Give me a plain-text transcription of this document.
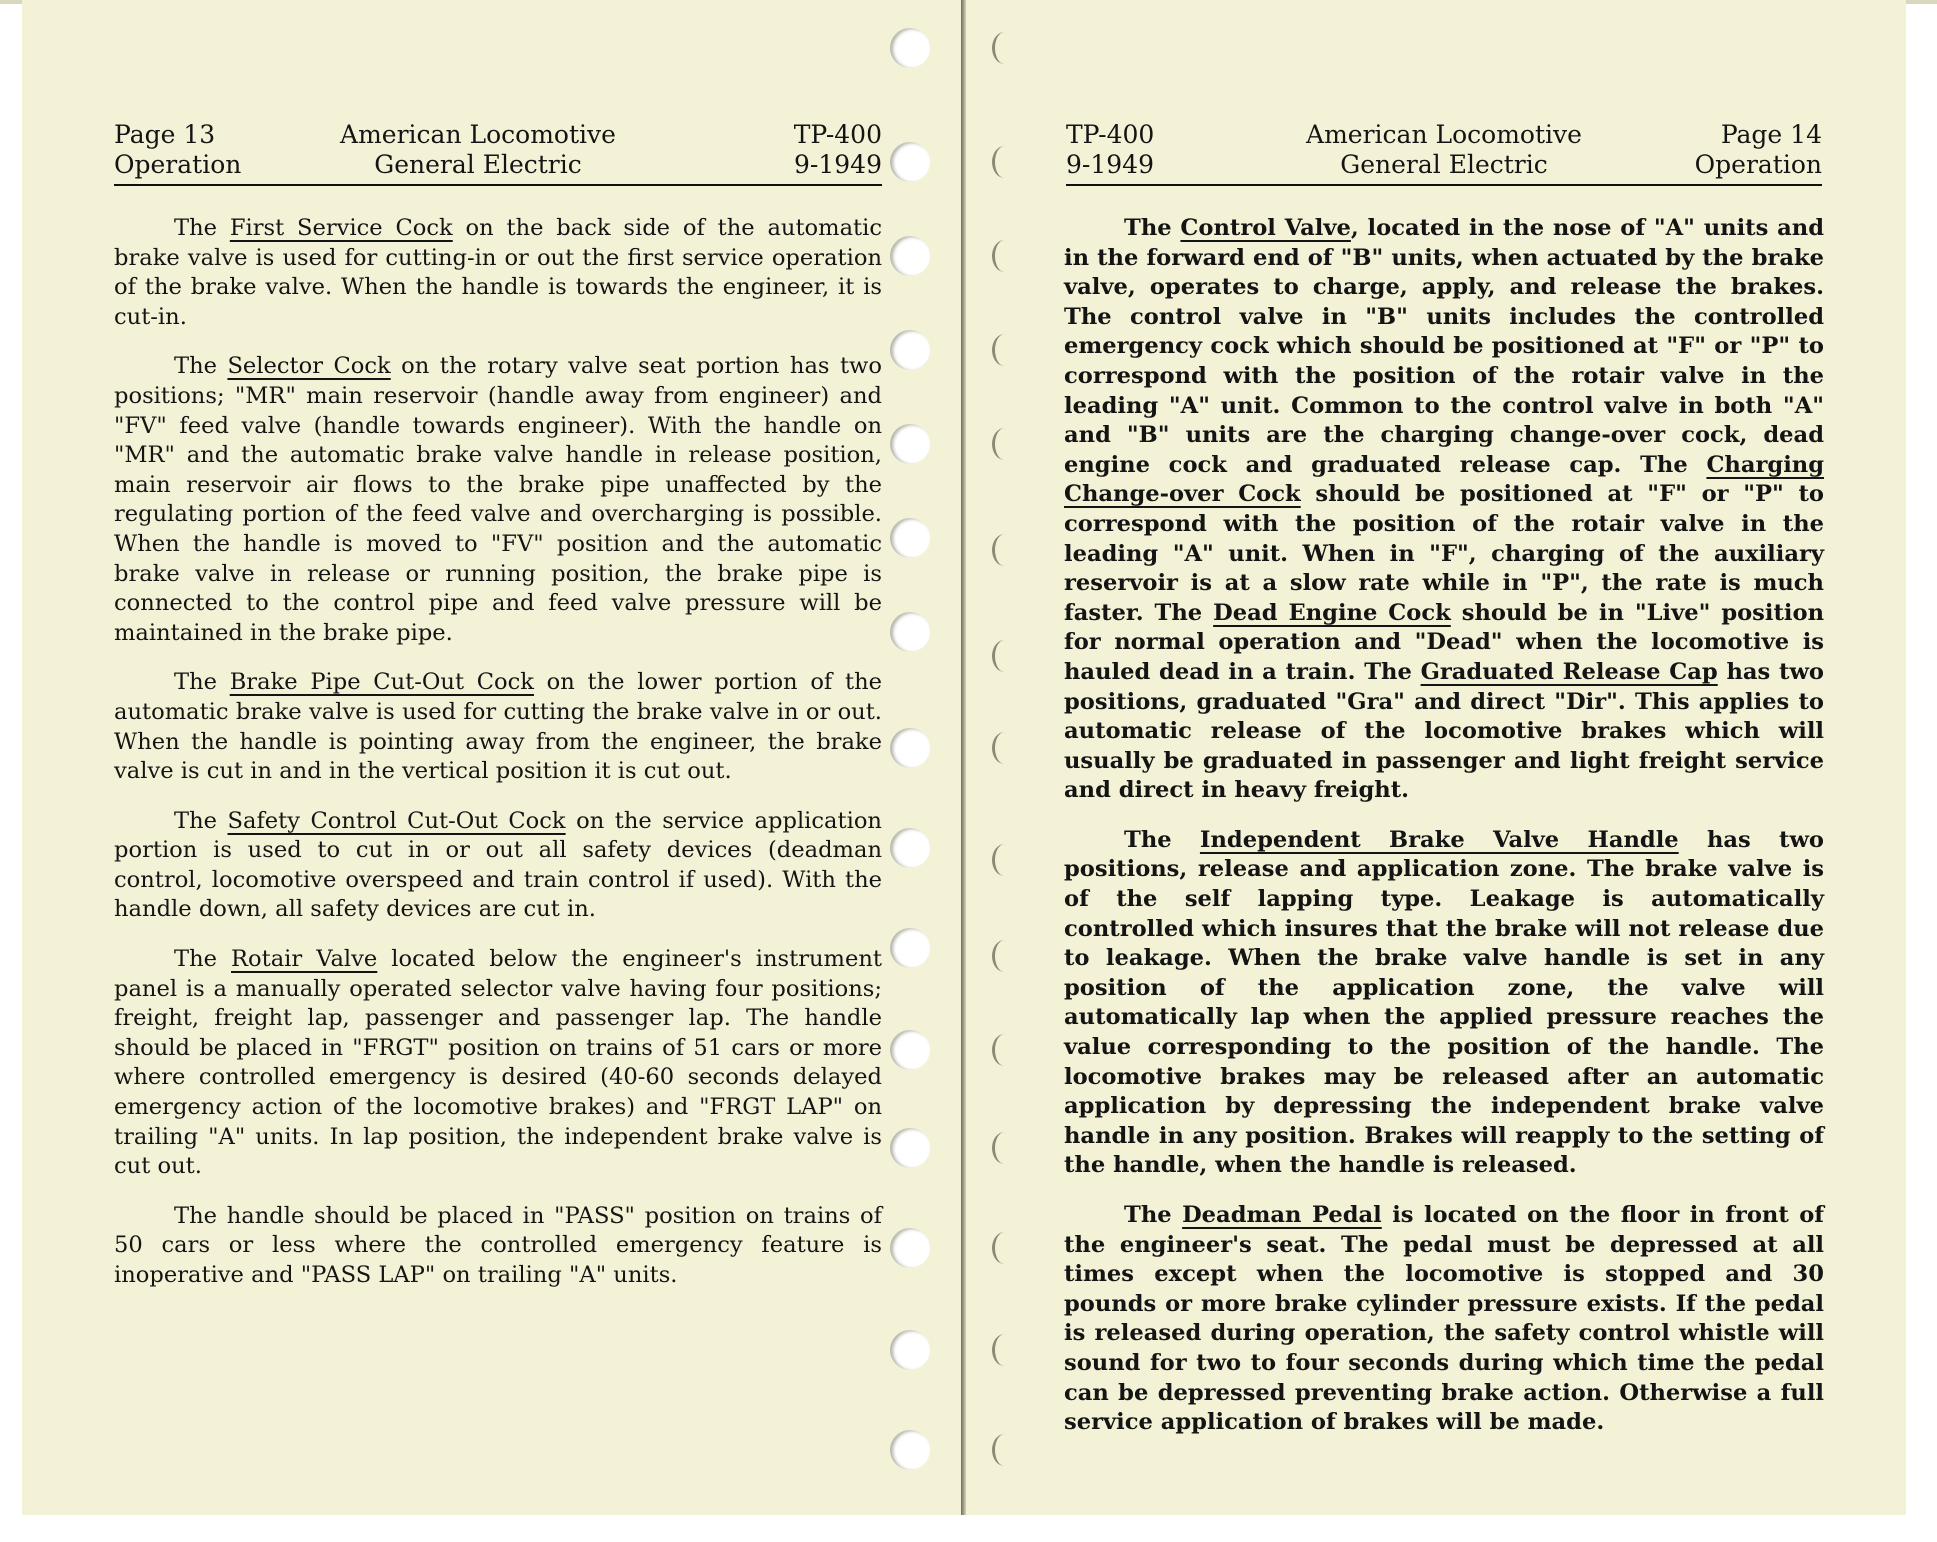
Page 13
Operation
American Locomotive
General Electric
TP-400
9-1949

The First Service Cock on the back side of the automatic brake valve is used for cutting-in or out the first service operation of the brake valve. When the handle is towards the engineer, it is cut-in.

The Selector Cock on the rotary valve seat portion has two positions; "MR" main reservoir (handle away from engineer) and "FV" feed valve (handle towards engineer). With the handle on "MR" and the automatic brake valve handle in release position, main reservoir air flows to the brake pipe unaffected by the regulating portion of the feed valve and overcharging is possible. When the handle is moved to "FV" position and the automatic brake valve in release or running position, the brake pipe is connected to the control pipe and feed valve pressure will be maintained in the brake pipe.

The Brake Pipe Cut-Out Cock on the lower portion of the automatic brake valve is used for cutting the brake valve in or out. When the handle is pointing away from the engineer, the brake valve is cut in and in the vertical position it is cut out.

The Safety Control Cut-Out Cock on the service application portion is used to cut in or out all safety devices (deadman control, locomotive overspeed and train control if used). With the handle down, all safety devices are cut in.

The Rotair Valve located below the engineer's instrument panel is a manually operated selector valve having four positions; freight, freight lap, passenger and passenger lap. The handle should be placed in "FRGT" position on trains of 51 cars or more where controlled emergency is desired (40-60 seconds delayed emergency action of the locomotive brakes) and "FRGT LAP" on trailing "A" units. In lap position, the independent brake valve is cut out.

The handle should be placed in "PASS" position on trains of 50 cars or less where the controlled emergency feature is inoperative and "PASS LAP" on trailing "A" units.

TP-400
9-1949
American Locomotive
General Electric
Page 14
Operation

The Control Valve, located in the nose of "A" units and in the forward end of "B" units, when actuated by the brake valve, operates to charge, apply, and release the brakes. The control valve in "B" units includes the controlled emergency cock which should be positioned at "F" or "P" to correspond with the position of the rotair valve in the leading "A" unit. Common to the control valve in both "A" and "B" units are the charging change-over cock, dead engine cock and graduated release cap. The Charging Change-over Cock should be positioned at "F" or "P" to correspond with the position of the rotair valve in the leading "A" unit. When in "F", charging of the auxiliary reservoir is at a slow rate while in "P", the rate is much faster. The Dead Engine Cock should be in "Live" position for normal operation and "Dead" when the locomotive is hauled dead in a train. The Graduated Release Cap has two positions, graduated "Gra" and direct "Dir". This applies to automatic release of the locomotive brakes which will usually be graduated in passenger and light freight service and direct in heavy freight.

The Independent Brake Valve Handle has two positions, release and application zone. The brake valve is of the self lapping type. Leakage is automatically controlled which insures that the brake will not release due to leakage. When the brake valve handle is set in any position of the application zone, the valve will automatically lap when the applied pressure reaches the value corresponding to the position of the handle. The locomotive brakes may be released after an automatic application by depressing the independent brake valve handle in any position. Brakes will reapply to the setting of the handle, when the handle is released.

The Deadman Pedal is located on the floor in front of the engineer's seat. The pedal must be depressed at all times except when the locomotive is stopped and 30 pounds or more brake cylinder pressure exists. If the pedal is released during operation, the safety control whistle will sound for two to four seconds during which time the pedal can be depressed preventing brake action. Otherwise a full service application of brakes will be made.
